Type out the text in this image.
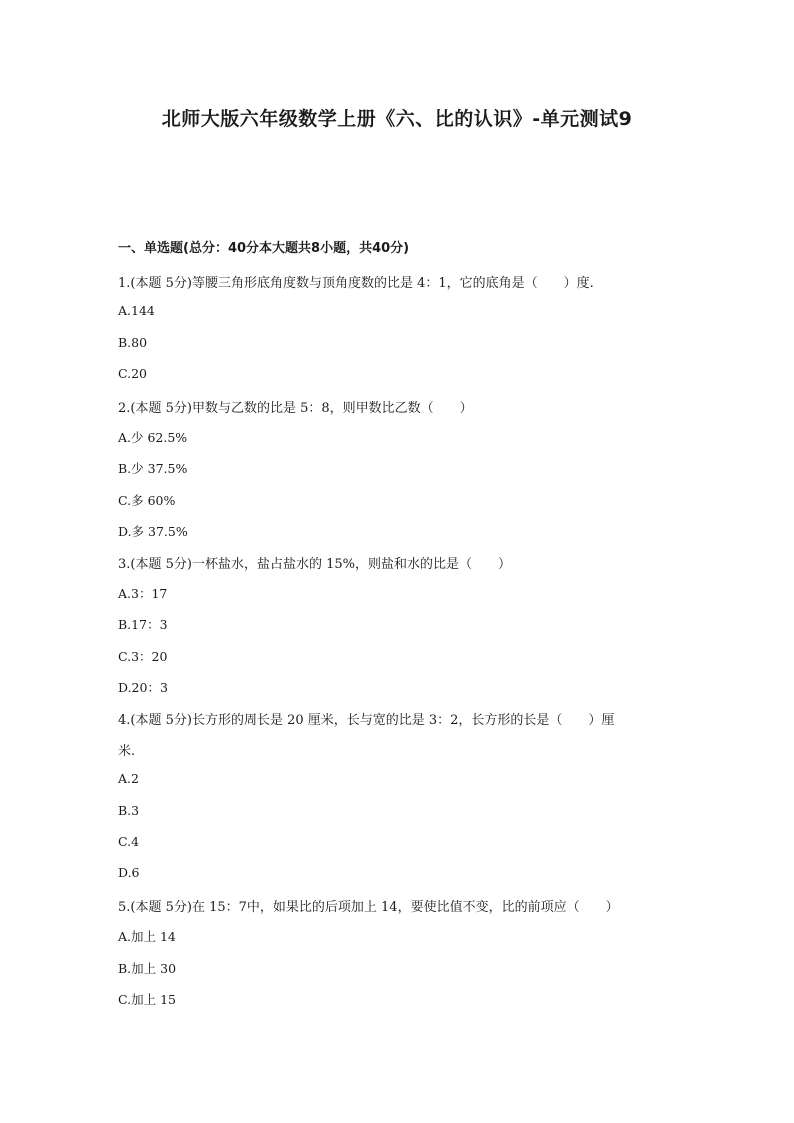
北师大版六年级数学上册《六、比的认识》-单元测试9
一、单选题(总分：40分本大题共8小题，共40分)
1.(本题 5分)等腰三角形底角度数与顶角度数的比是 4：1，它的底角是（　　）度.
A.144
B.80
C.20
2.(本题 5分)甲数与乙数的比是 5：8，则甲数比乙数（　　）
A.少 62.5%
B.少 37.5%
C.多 60%
D.多 37.5%
3.(本题 5分)一杯盐水，盐占盐水的 15%，则盐和水的比是（　　）
A.3：17
B.17：3
C.3：20
D.20：3
4.(本题 5分)长方形的周长是 20 厘米，长与宽的比是 3：2，长方形的长是（　　）厘
米.
A.2
B.3
C.4
D.6
5.(本题 5分)在 15：7中，如果比的后项加上 14，要使比值不变，比的前项应（　　）
A.加上 14
B.加上 30
C.加上 15
